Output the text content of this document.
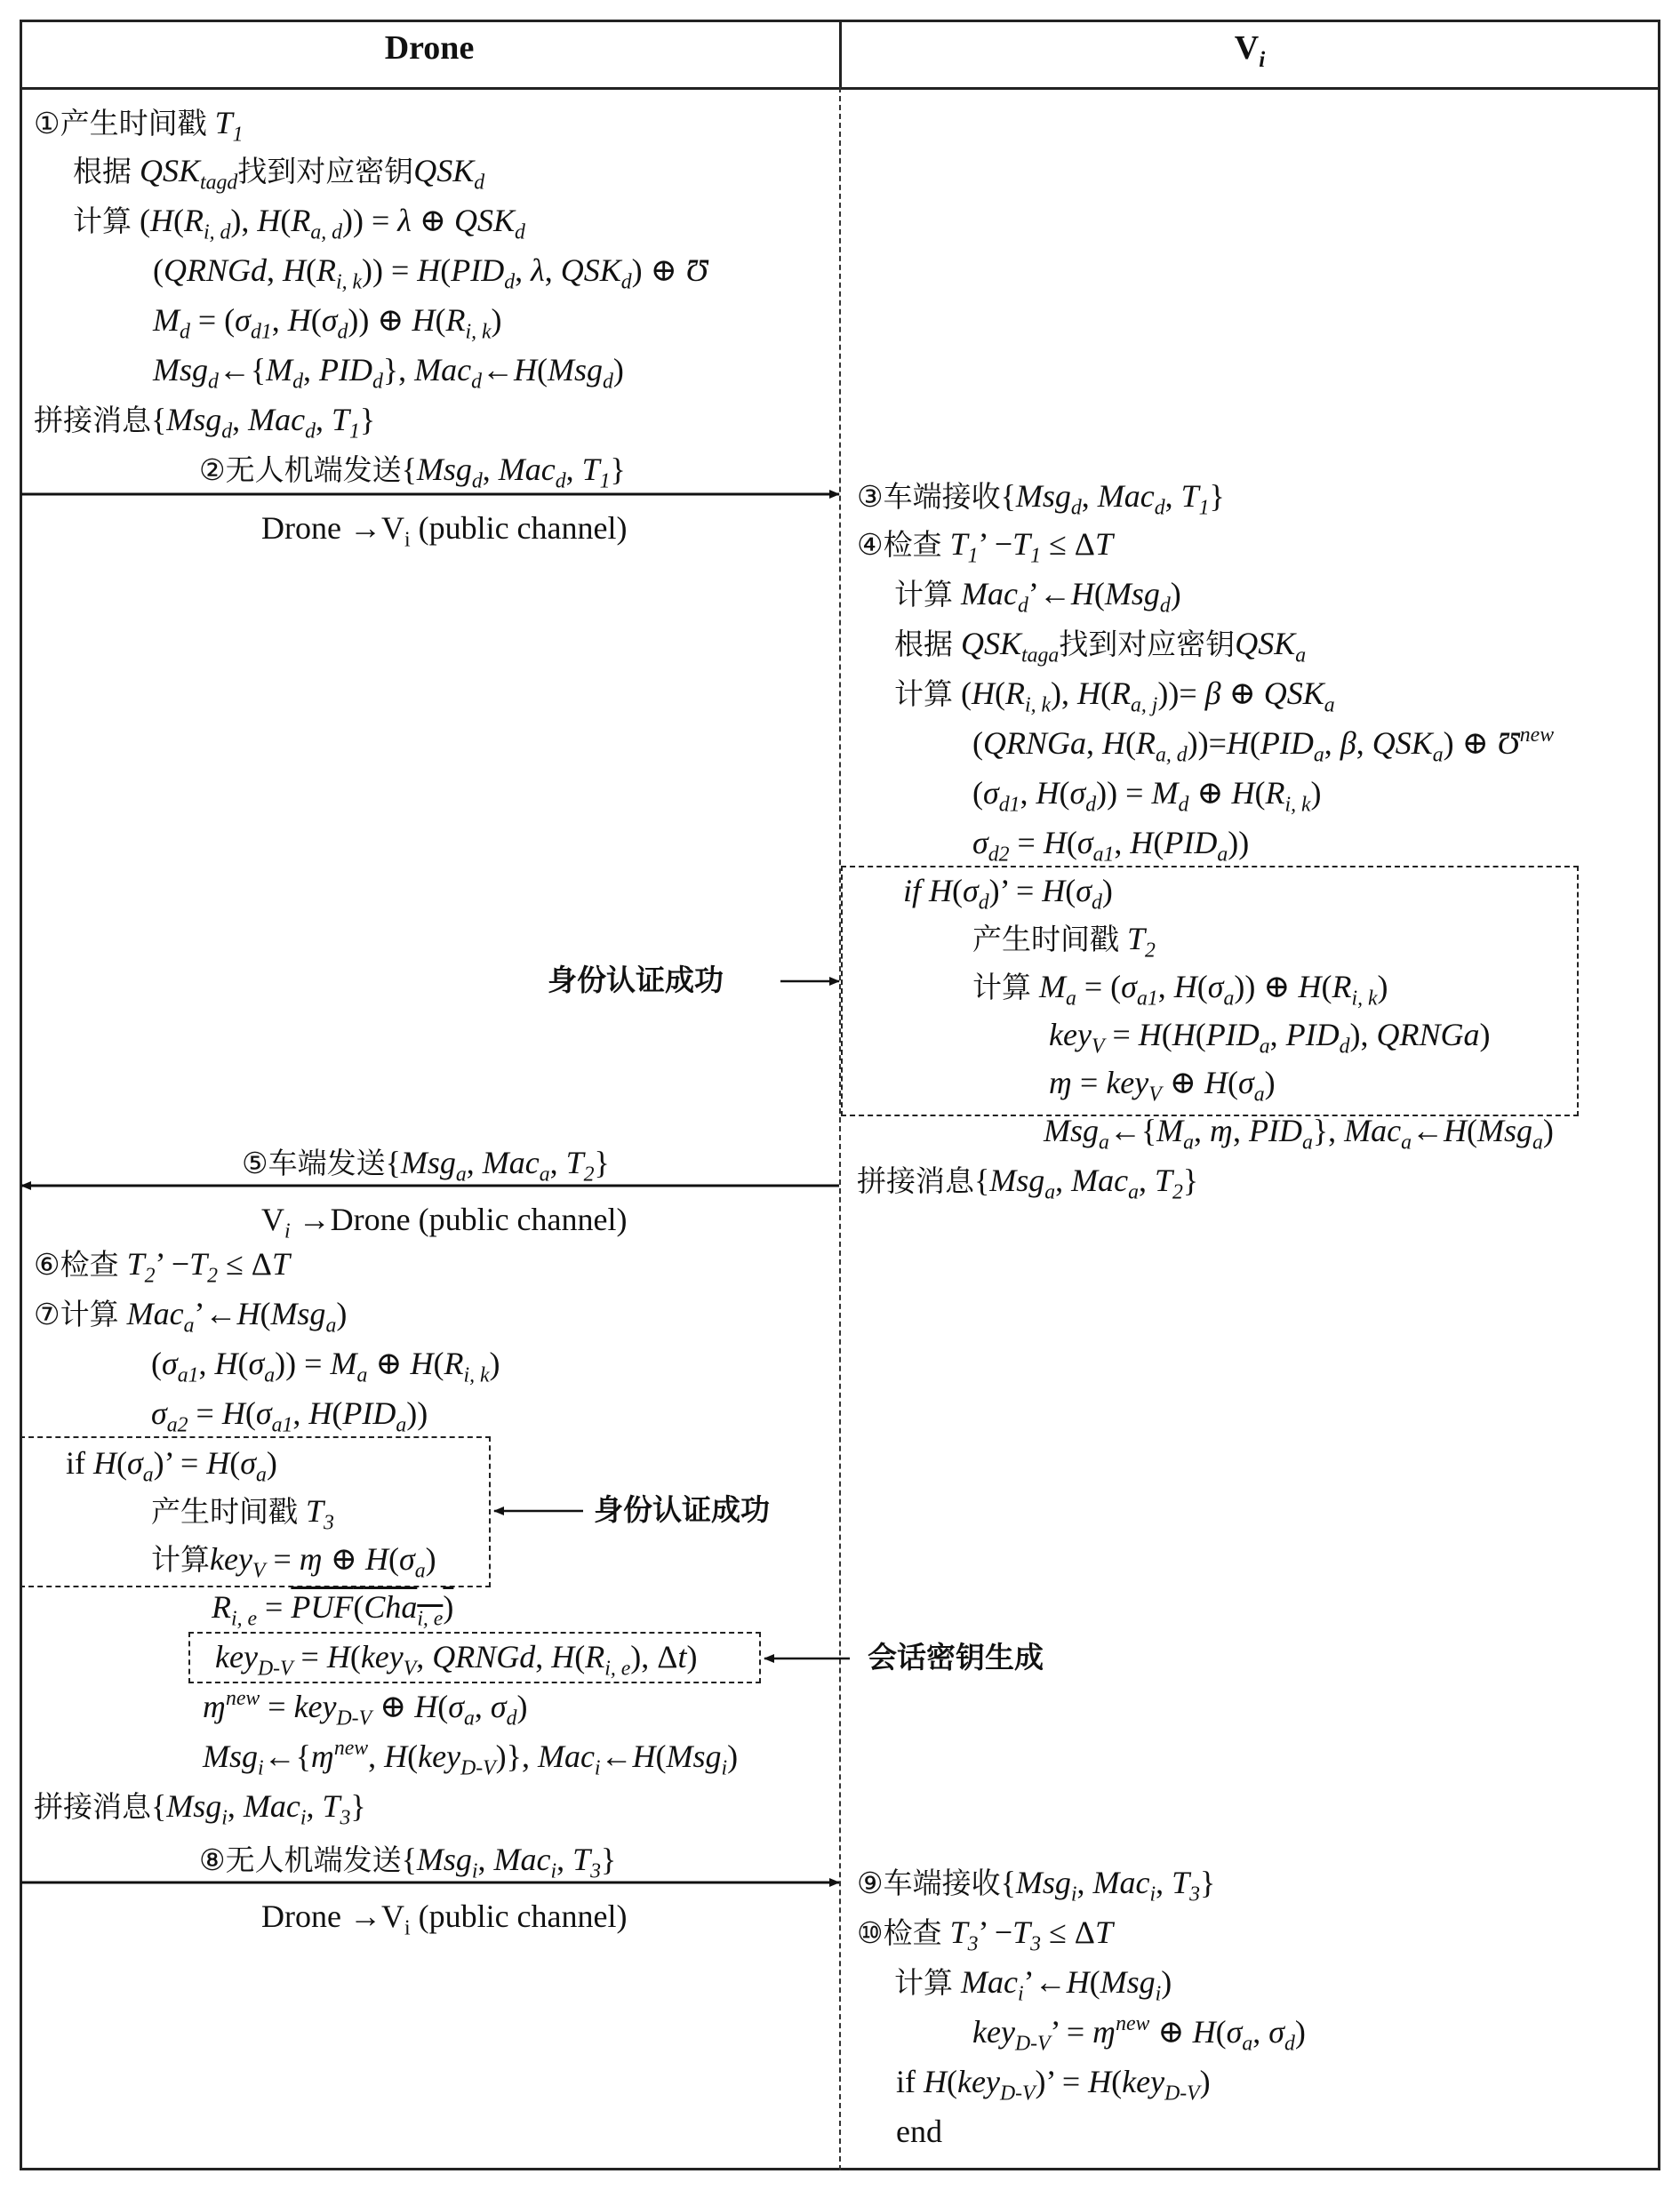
Drone	$V_i$
①产生时间戳 $T_1$
根据 $QSK_{tagd}$找到对应密钥$QSK_d$
计算 ($H(R_{i, d})$, $H(R_{a, d})) = \lambda$ ⊕ $QSK_d$
(QRNGd, $H(R_{i, k})) = H(PID_d$, λ, $QSK_d$) ⊕ Ʊ
$M_d = (\sigma_{d1}$, $H(\sigma_d)$) ⊕ $H(R_{i, k})$
$Msg_d\leftarrow\{M_d$, $PID_d$}, Mac$_d$←H(Msg$_d$)
拼接消息{Msg$_d$, Mac$_d$, $T_1$}
②无人机端发送{Msg$_d$, Mac$_d$, $T_1$}
Drone $\to V_i$ (public channel)
身份认证成功
⑤车端发送{Msg$_a$, Mac$_a$, $T_2$}
$V_i$ →Drone (public channel)
⑥检查 $T_2$’ $-T_2 \le \Delta T$
⑦计算 Mac$_a$’←H(Msg$_a$)
($\sigma_{a1}$, $H(\sigma_a)) = M_a$ ⊕ $H(R_{i, k})$
$\sigma_{a2} = H(\sigma_{a1}$, $H(PID_a)$)
if $H(\sigma_a)$’ = $H(\sigma_a)$
产生时间戳 $T_3$
计算key$_V$ = ɱ ⊕ $H(\sigma_a)$
身份认证成功
$R_{i, e} = PUF(Cha_{i, e})$
key$_{D-V}$ = H(key$_V$, QRNGd, $H(R_{i, e})$, Δt)	会话密钥生成
ɱ$^{new}$ = key$_{D-V}$ ⊕ $H(\sigma_a$, $\sigma_d$)
Msg$_i$←{ɱ$^{new}$, H(key$_{D-V}$)}, Mac$_i$←H(Msg$_i$)
拼接消息{Msg$_i$, Mac$_i$, $T_3$}
⑧无人机端发送{Msg$_i$, Mac$_i$, $T_3$}
Drone $\to V_i$ (public channel)
③车端接收{Msg$_d$, Mac$_d$, $T_1$}
④检查 $T_1$’ $-T_1 \le \Delta T$
计算 Mac$_d$’←H(Msg$_d$)
根据 $QSK_{taga}$找到对应密钥$QSK_a$
计算 ($H(R_{i, k})$, $H(R_{a, j}))= \beta$ ⊕ $QSK_a$
(QRNGa, $H(R_{a, d}))=H(PID_a$, β, $QSK_a$) ⊕ $Ʊ^{new}$
($\sigma_{d1}$, $H(\sigma_d)) = M_d$ ⊕ $H(R_{i, k})$
$\sigma_{d2} = H(\sigma_{a1}$, $H(PID_a)$)
if $H(\sigma_d)$’ = $H(\sigma_d)$
产生时间戳 $T_2$
计算 $M_a = (\sigma_{a1}$, $H(\sigma_a)$) ⊕ $H(R_{i, k})$
$key_V = H(H(PID_a$, $PID_d$), QRNGa)
ɱ = key$_V$ ⊕ $H(\sigma_a)$
$Msg_a\leftarrow\{M_a$, ɱ, $PID_a$}, Mac$_a$←H(Msg$_a$)
拼接消息{Msg$_a$, Mac$_a$, $T_2$}
⑨车端接收{Msg$_i$, Mac$_i$, $T_3$}
⑩检查 $T_3$’ $-T_3 \le \Delta T$
计算 Mac$_i$’←H(Msg$_i$)
key$_{D-V}$’ = ɱ$^{new}$ ⊕ $H(\sigma_a$, $\sigma_d$)
if H(key$_{D-V}$)’ = H(key$_{D-V}$)
end
